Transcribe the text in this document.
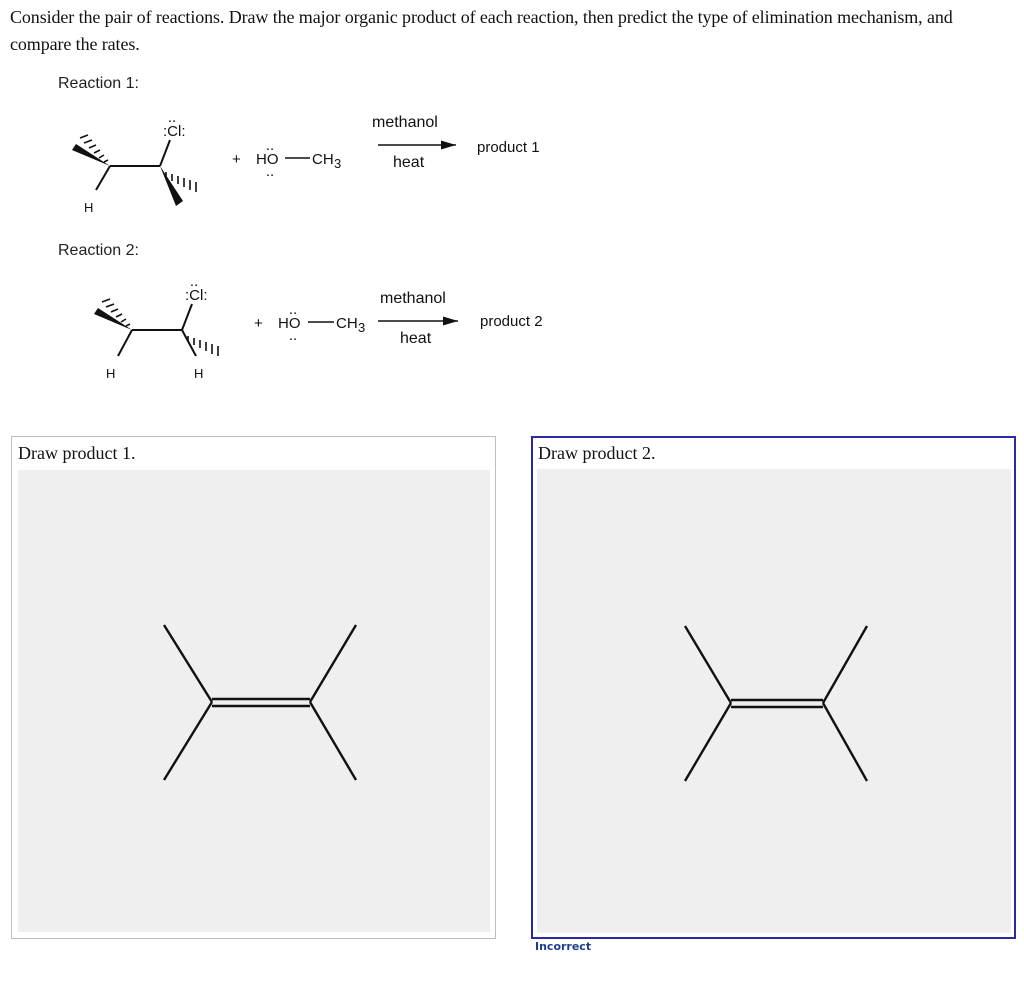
Consider the pair of reactions. Draw the major organic product of each reaction, then predict the type of elimination mechanism, and compare the rates.
Reaction 1:
:Cl:
..
H
+ HO
..
..
CH 3
methanol
heat
product 1
Reaction 2:
:Cl:
..
H	H
+ HO
..
..
CH 3
methanol
heat
product 2
Draw product 1.	Draw product 2.
Incorrect
